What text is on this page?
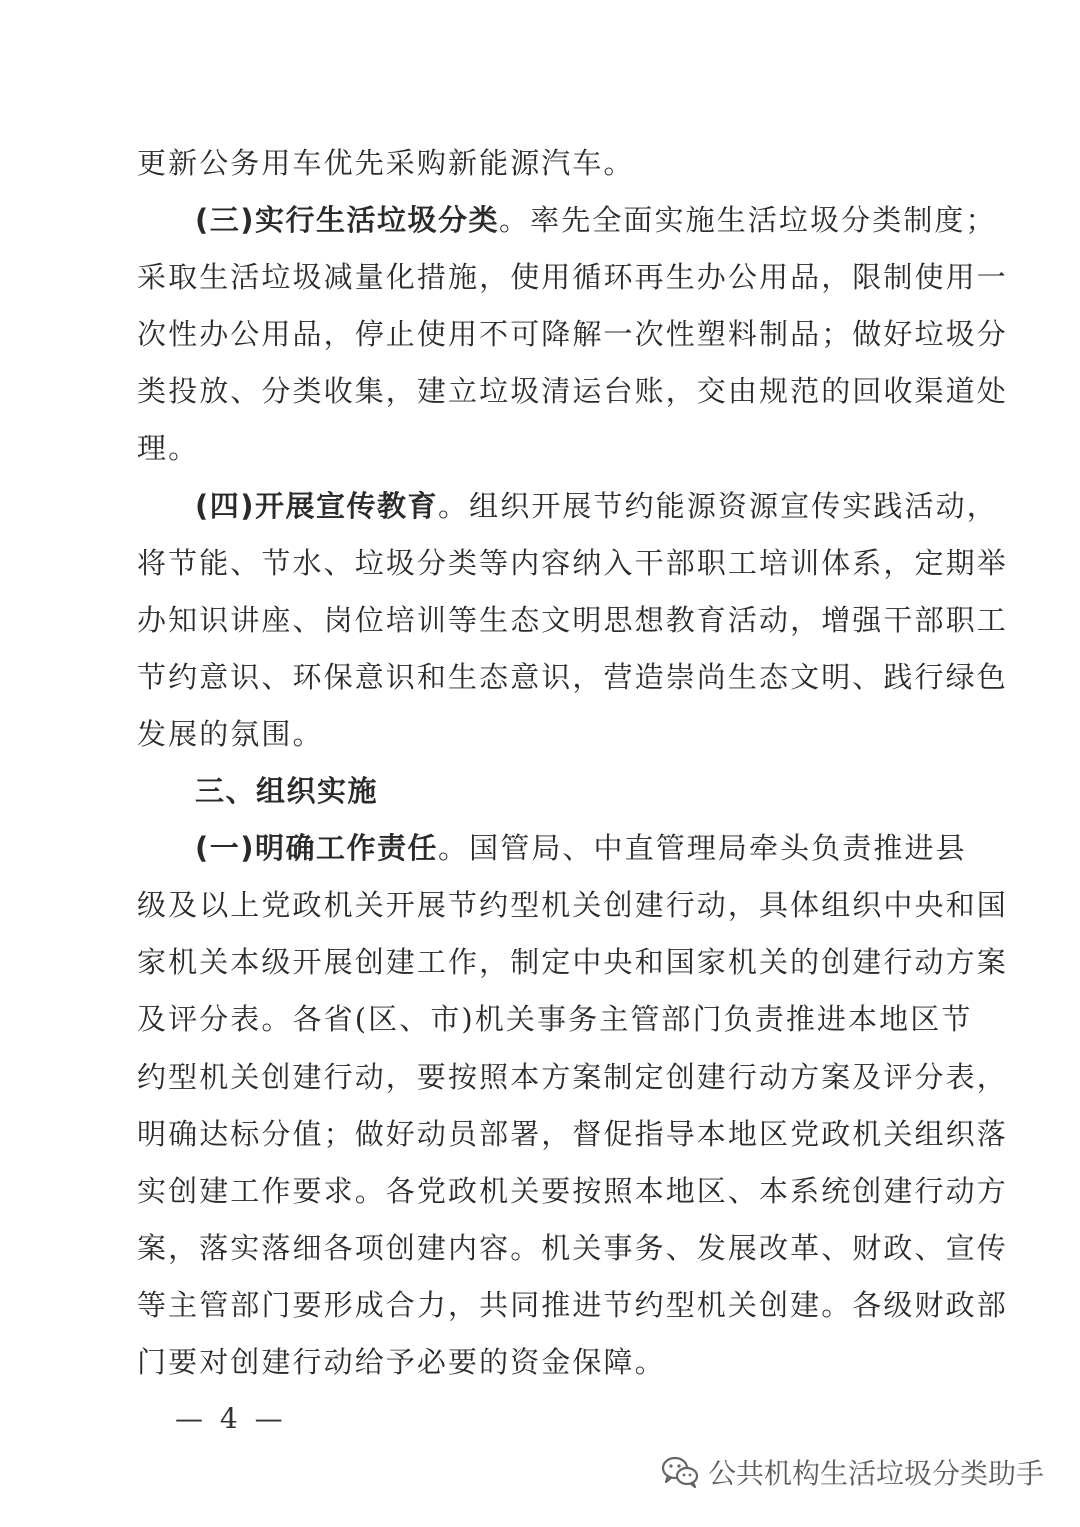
更新公务用车优先采购新能源汽车。
(三)实行生活垃圾分类。率先全面实施生活垃圾分类制度；
采取生活垃圾减量化措施，使用循环再生办公用品，限制使用一
次性办公用品，停止使用不可降解一次性塑料制品；做好垃圾分
类投放、分类收集，建立垃圾清运台账，交由规范的回收渠道处
理。
(四)开展宣传教育。组织开展节约能源资源宣传实践活动，
将节能、节水、垃圾分类等内容纳入干部职工培训体系，定期举
办知识讲座、岗位培训等生态文明思想教育活动，增强干部职工
节约意识、环保意识和生态意识，营造崇尚生态文明、践行绿色
发展的氛围。
三、组织实施
(一)明确工作责任。国管局、中直管理局牵头负责推进县
级及以上党政机关开展节约型机关创建行动，具体组织中央和国
家机关本级开展创建工作，制定中央和国家机关的创建行动方案
及评分表。各省(区、市)机关事务主管部门负责推进本地区节
约型机关创建行动，要按照本方案制定创建行动方案及评分表，
明确达标分值；做好动员部署，督促指导本地区党政机关组织落
实创建工作要求。各党政机关要按照本地区、本系统创建行动方
案，落实落细各项创建内容。机关事务、发展改革、财政、宣传
等主管部门要形成合力，共同推进节约型机关创建。各级财政部
门要对创建行动给予必要的资金保障。
— 4 —
公共机构生活垃圾分类助手
